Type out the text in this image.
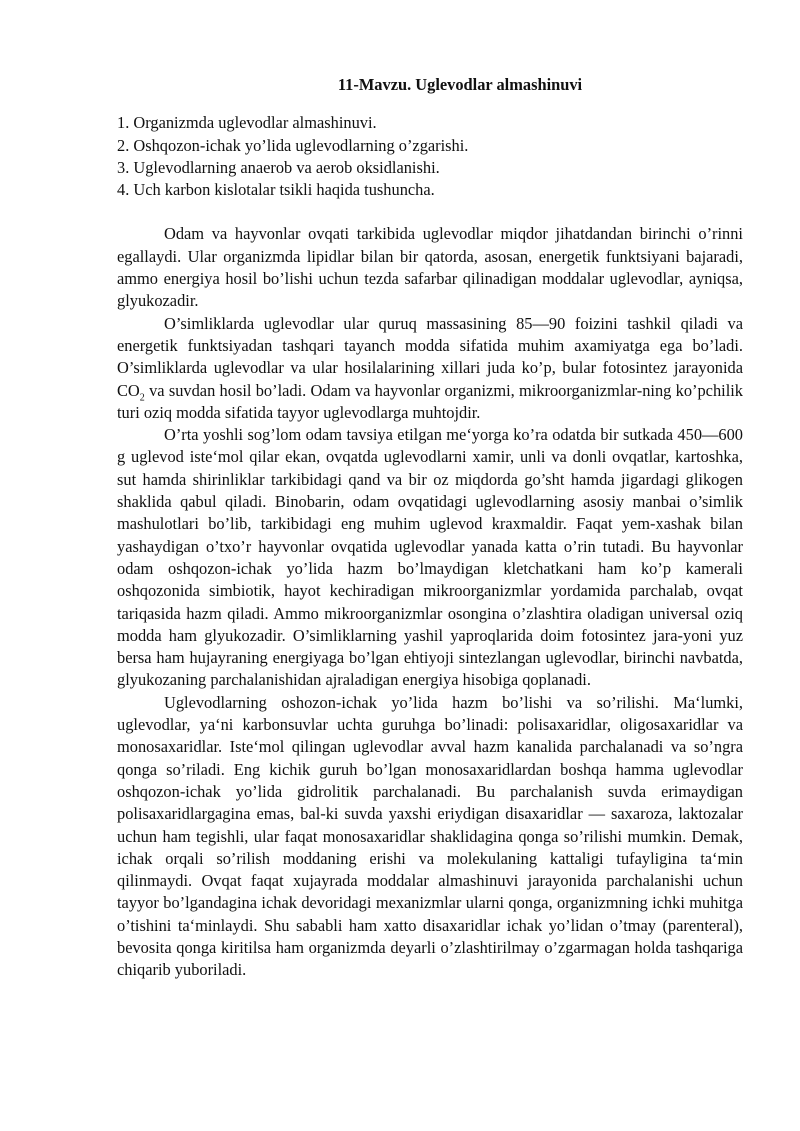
11-Mavzu. Uglevodlar almashinuvi
1. Organizmda uglevodlar almashinuvi.
2. Oshqozon-ichak yo’lida uglevodlarning o’zgarishi.
3. Uglevodlarning anaerob va aerob oksidlanishi.
4. Uch karbon kislotalar tsikli haqida tushuncha.

Odam va hayvonlar ovqati tarkibida uglevodlar miqdor jihatdandan birinchi o’rinni egallaydi. Ular organizmda lipidlar bilan bir qatorda, asosan, energetik funktsiyani bajaradi, ammo energiya hosil bo’lishi uchun tezda safarbar qilinadigan moddalar uglevodlar, ayniqsa, glyukozadir.

O’simliklarda uglevodlar ular quruq massasining 85—90 foizini tashkil qiladi va energetik funktsiyadan tashqari tayanch modda sifatida muhim axamiyatga ega bo’ladi. O’simliklarda uglevodlar va ular hosilalarining xillari juda ko’p, bular fotosintez jarayonida $CO_2$ va suvdan hosil bo’ladi. Odam va hayvonlar organizmi, mikroorganizmlar-ning ko’pchilik turi oziq modda sifatida tayyor uglevodlarga muhtojdir.

O’rta yoshli sog’lom odam tavsiya etilgan me‘yorga ko’ra odatda bir sutkada 450—600 g uglevod iste‘mol qilar ekan, ovqatda uglevodlarni xamir, unli va donli ovqatlar, kartoshka, sut hamda shirinliklar tarkibidagi qand va bir oz miqdorda go’sht hamda jigardagi glikogen shaklida qabul qiladi. Binobarin, odam ovqatidagi uglevodlarning asosiy manbai o’simlik mashulotlari bo’lib, tarkibidagi eng muhim uglevod kraxmaldir. Faqat yem-xashak bilan yashaydigan o’txo’r hayvonlar ovqatida uglevodlar yanada katta o’rin tutadi. Bu hayvonlar odam oshqozon-ichak yo’lida hazm bo’lmaydigan kletchatkani ham ko’p kamerali oshqozonida simbiotik, hayot kechiradigan mikroorganizmlar yordamida parchalab, ovqat tariqasida hazm qiladi. Ammo mikroorganizmlar osongina o’zlashtira oladigan universal oziq modda ham glyukozadir. O’simliklarning yashil yaproqlarida doim fotosintez jara-yoni yuz bersa ham hujayraning energiyaga bo’lgan ehtiyoji sintezlangan uglevodlar, birinchi navbatda, glyukozaning parchalanishidan ajraladigan energiya hisobiga qoplanadi.

Uglevodlarning oshozon-ichak yo’lida hazm bo’lishi va so’rilishi. Ma‘lumki, uglevodlar, ya‘ni karbonsuvlar uchta guruhga bo’linadi: polisaxaridlar, oligosaxaridlar va monosaxaridlar. Iste‘mol qilingan uglevodlar avval hazm kanalida parchalanadi va so’ngra qonga so’riladi. Eng kichik guruh bo’lgan monosaxaridlardan boshqa hamma uglevodlar oshqozon-ichak yo’lida gidrolitik parchalanadi. Bu parchalanish suvda erimaydigan polisaxaridlargagina emas, bal-ki suvda yaxshi eriydigan disaxaridlar — saxaroza, laktozalar uchun ham tegishli, ular faqat monosaxaridlar shaklidagina qonga so’rilishi mumkin. Demak, ichak orqali so’rilish moddaning erishi va molekulaning kattaligi tufayligina ta‘min qilinmaydi. Ovqat faqat xujayrada moddalar almashinuvi jarayonida parchalanishi uchun tayyor bo’lgandagina ichak devoridagi mexanizmlar ularni qonga, organizmning ichki muhitga o’tishini ta‘minlaydi. Shu sababli ham xatto disaxaridlar ichak yo’lidan o’tmay (parenteral), bevosita qonga kiritilsa ham organizmda deyarli o’zlashtirilmay o’zgarmagan holda tashqariga chiqarib yuboriladi.
